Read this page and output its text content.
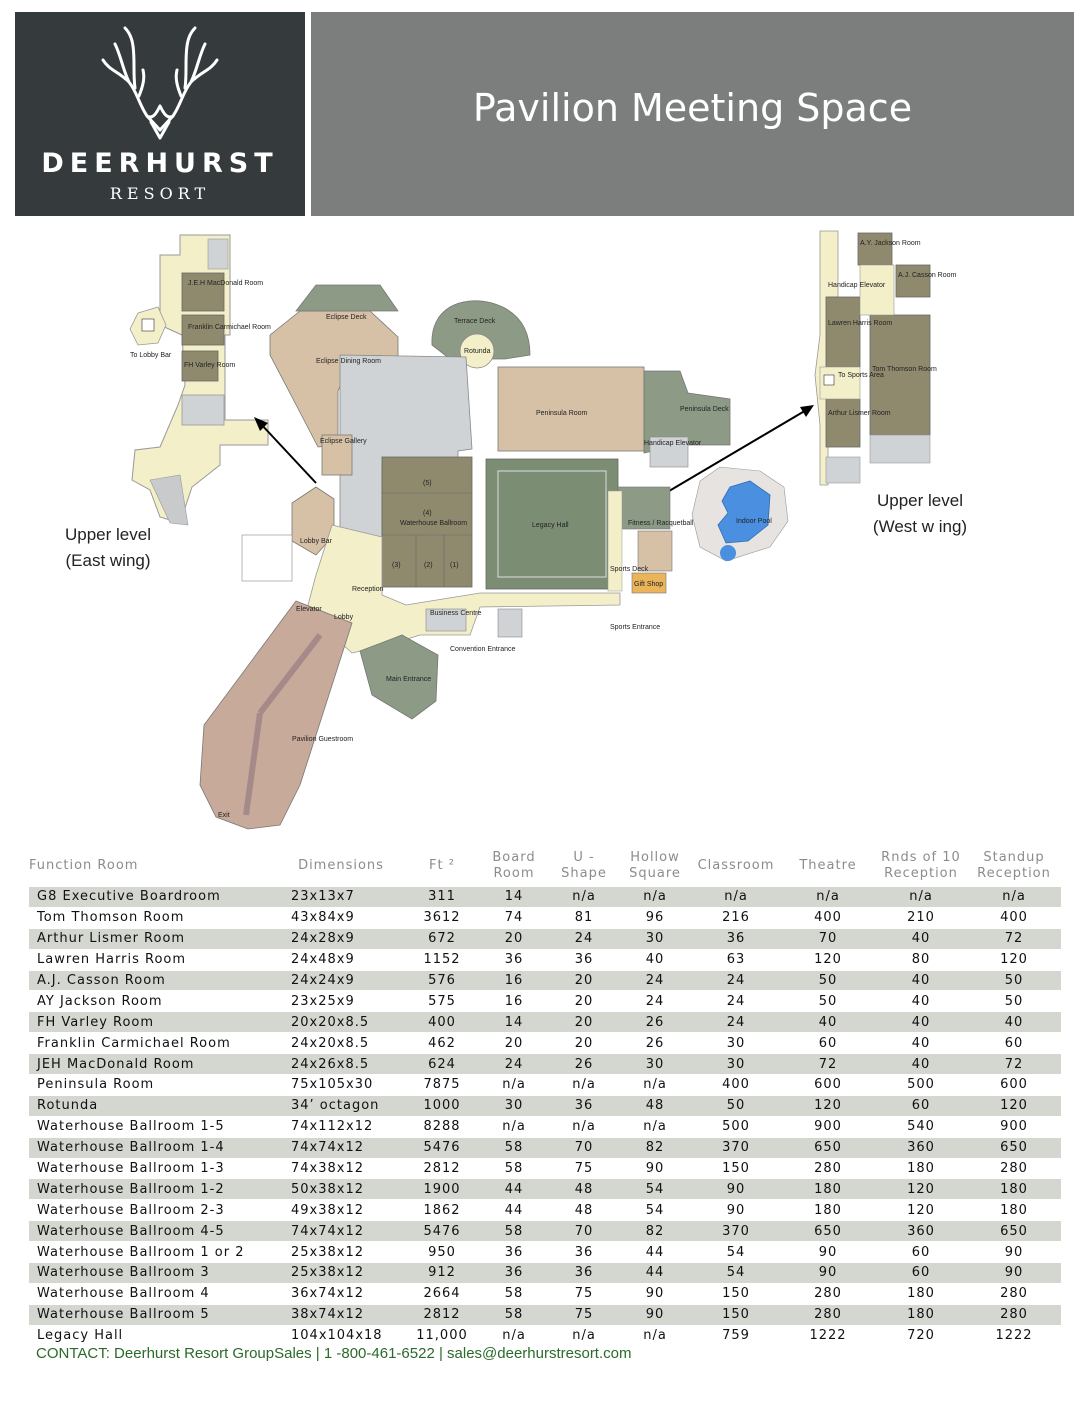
DEERHURST
RESORT
Pavilion Meeting Space
J.E.H MacDonald Room
Franklin Carmichael Room
FH Varley Room
To Lobby Bar
Eclipse Deck
Terrace Deck
Rotunda
Eclipse Dining Room
Eclipse Gallery
Peninsula Room
Peninsula Deck
Handicap Elevator
Waterhouse Ballroom
(5)
(4)
(3)	(2) (1)
Legacy Hall	Fitness / Racquetball	Indoor Pool
Gift Shop
Sports Deck
Lobby Bar
Lobby
Elevator
Reception
Business Centre
Convention Entrance
Sports Entrance
Main Entrance
Pavilion Guestroom
Exit
A.Y. Jackson Room
A.J. Casson Room
Handicap Elevator
Lawren Harris Room
Tom Thomson Room
To Sports Area
Arthur Lismer Room
Upper level
(East wing)
Upper level
(West w ing)
Function Room	Dimensions	Ft ²	Board Room	U - Shape	Hollow Square	Classroom	Theatre	Rnds of 10 Reception	Standup Reception
G8 Executive Boardroom	23x13x7	311	14	n/a	n/a	n/a	n/a	n/a	n/a
Tom Thomson Room	43x84x9	3612	74	81	96	216	400	210	400
Arthur Lismer Room	24x28x9	672	20	24	30	36	70	40	72
Lawren Harris Room	24x48x9	1152	36	36	40	63	120	80	120
A.J. Casson Room	24x24x9	576	16	20	24	24	50	40	50
AY Jackson Room	23x25x9	575	16	20	24	24	50	40	50
FH Varley Room	20x20x8.5	400	14	20	26	24	40	40	40
Franklin Carmichael Room	24x20x8.5	462	20	20	26	30	60	40	60
JEH MacDonald Room	24x26x8.5	624	24	26	30	30	72	40	72
Peninsula Room	75x105x30	7875	n/a	n/a	n/a	400	600	500	600
Rotunda	34’ octagon	1000	30	36	48	50	120	60	120
Waterhouse Ballroom 1-5	74x112x12	8288	n/a	n/a	n/a	500	900	540	900
Waterhouse Ballroom 1-4	74x74x12	5476	58	70	82	370	650	360	650
Waterhouse Ballroom 1-3	74x38x12	2812	58	75	90	150	280	180	280
Waterhouse Ballroom 1-2	50x38x12	1900	44	48	54	90	180	120	180
Waterhouse Ballroom 2-3	49x38x12	1862	44	48	54	90	180	120	180
Waterhouse Ballroom 4-5	74x74x12	5476	58	70	82	370	650	360	650
Waterhouse Ballroom 1 or 2	25x38x12	950	36	36	44	54	90	60	90
Waterhouse Ballroom 3	25x38x12	912	36	36	44	54	90	60	90
Waterhouse Ballroom 4	36x74x12	2664	58	75	90	150	280	180	280
Waterhouse Ballroom 5	38x74x12	2812	58	75	90	150	280	180	280
Legacy Hall	104x104x18	11,000	n/a	n/a	n/a	759	1222	720	1222
CONTACT: Deerhurst Resort GroupSales | 1 -800-461-6522 | sales@deerhurstresort.com
